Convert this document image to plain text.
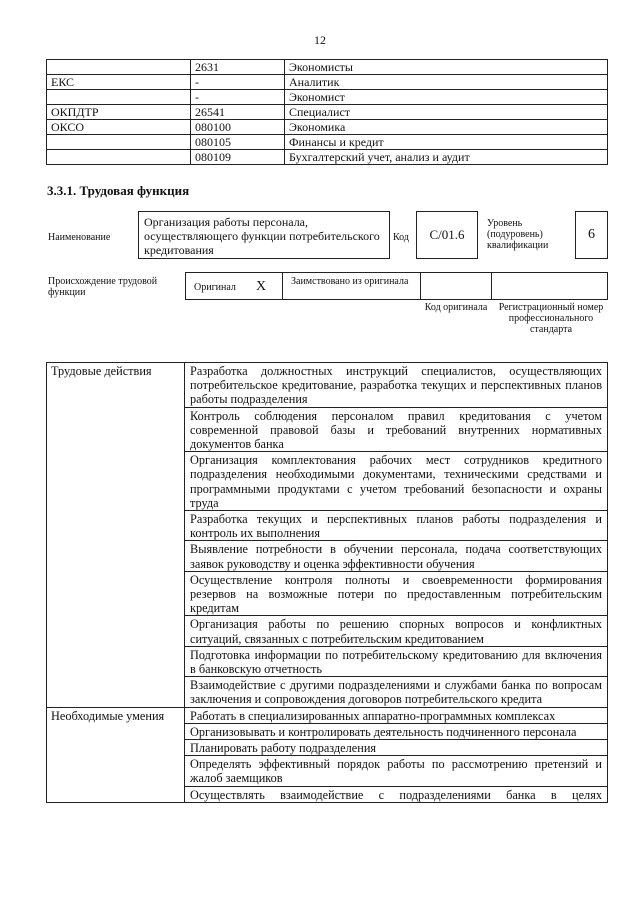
12
	2631	Экономисты
ЕКС	-	Аналитик
	-	Экономист
ОКПДТР	26541	Специалист
ОКСО	080100	Экономика
	080105	Финансы и кредит
	080109	Бухгалтерский учет, анализ и аудит
3.3.1. Трудовая функция
Наименование
Организация работы персонала, осуществляющего функции потребительского кредитования
Код С/01.6
Уровень (подуровень) квалификации
6
Происхождение трудовой функции	Оригинал X Заимствовано из оригинала
Код оригинала	Регистрационный номер профессионального стандарта
Трудовые действия	Разработка должностных инструкций специалистов, осуществляющих потребительское кредитование, разработка текущих и перспективных планов работы подразделения
	Контроль соблюдения персоналом правил кредитования с учетом современной правовой базы и требований внутренних нормативных документов банка
	Организация комплектования рабочих мест сотрудников кредитного подразделения необходимыми документами, техническими средствами и программными продуктами с учетом требований безопасности и охраны труда
	Разработка текущих и перспективных планов работы подразделения и контроль их выполнения
	Выявление потребности в обучении персонала, подача соответствующих заявок руководству и оценка эффективности обучения
	Осуществление контроля полноты и своевременности формирования резервов на возможные потери по предоставленным потребительским кредитам
	Организация работы по решению спорных вопросов и конфликтных ситуаций, связанных с потребительским кредитованием
	Подготовка информации по потребительскому кредитованию для включения в банковскую отчетность
	Взаимодействие с другими подразделениями и службами банка по вопросам заключения и сопровождения договоров потребительского кредита
Необходимые умения	Работать в специализированных аппаратно-программных комплексах
	Организовывать и контролировать деятельность подчиненного персонала
	Планировать работу подразделения
	Определять эффективный порядок работы по рассмотрению претензий и жалоб заемщиков
	Осуществлять взаимодействие с подразделениями банка в целях
